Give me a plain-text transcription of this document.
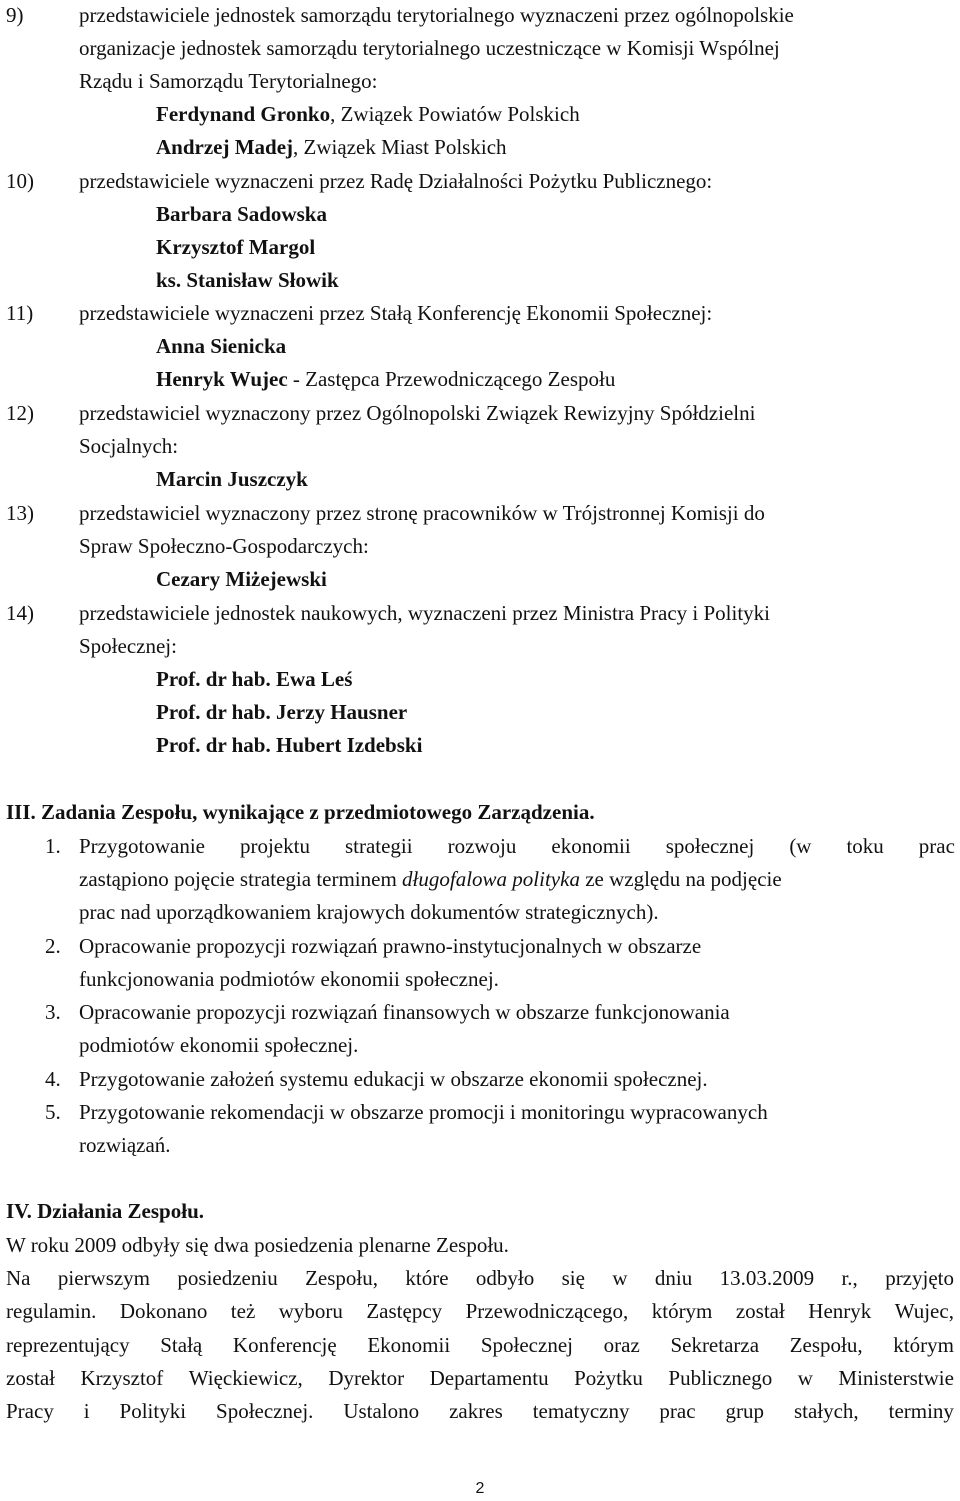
9)	przedstawiciele jednostek samorządu terytorialnego wyznaczeni przez ogólnopolskie
organizacje jednostek samorządu terytorialnego uczestniczące w Komisji Wspólnej
Rządu i Samorządu Terytorialnego:
Ferdynand Gronko, Związek Powiatów Polskich
Andrzej Madej, Związek Miast Polskich
10) przedstawiciele wyznaczeni przez Radę Działalności Pożytku Publicznego:
Barbara Sadowska
Krzysztof Margol
ks. Stanisław Słowik
11) przedstawiciele wyznaczeni przez Stałą Konferencję Ekonomii Społecznej:
Anna Sienicka
Henryk Wujec - Zastępca Przewodniczącego Zespołu
12) przedstawiciel wyznaczony przez Ogólnopolski Związek Rewizyjny Spółdzielni
Socjalnych:
Marcin Juszczyk
13) przedstawiciel wyznaczony przez stronę pracowników w Trójstronnej Komisji do
Spraw Społeczno-Gospodarczych:
Cezary Miżejewski
14) przedstawiciele jednostek naukowych, wyznaczeni przez Ministra Pracy i Polityki
Społecznej:
Prof. dr hab. Ewa Leś
Prof. dr hab. Jerzy Hausner
Prof. dr hab. Hubert Izdebski
III. Zadania Zespołu, wynikające z przedmiotowego Zarządzenia.
1. Przygotowanie projektu strategii rozwoju ekonomii społecznej (w toku prac
zastąpiono pojęcie strategia terminem długofalowa polityka ze względu na podjęcie
prac nad uporządkowaniem krajowych dokumentów strategicznych).
2. Opracowanie propozycji rozwiązań prawno-instytucjonalnych w obszarze
funkcjonowania podmiotów ekonomii społecznej.
3. Opracowanie propozycji rozwiązań finansowych w obszarze funkcjonowania
podmiotów ekonomii społecznej.
4. Przygotowanie założeń systemu edukacji w obszarze ekonomii społecznej.
5. Przygotowanie rekomendacji w obszarze promocji i monitoringu wypracowanych
rozwiązań.
IV. Działania Zespołu.
W roku 2009 odbyły się dwa posiedzenia plenarne Zespołu.
Na pierwszym posiedzeniu Zespołu, które odbyło się w dniu 13.03.2009 r., przyjęto
regulamin. Dokonano też wyboru Zastępcy Przewodniczącego, którym został Henryk Wujec,
reprezentujący Stałą Konferencję Ekonomii Społecznej oraz Sekretarza Zespołu, którym
został Krzysztof Więckiewicz, Dyrektor Departamentu Pożytku Publicznego w Ministerstwie
Pracy i Polityki Społecznej. Ustalono zakres tematyczny prac grup stałych, terminy
2
